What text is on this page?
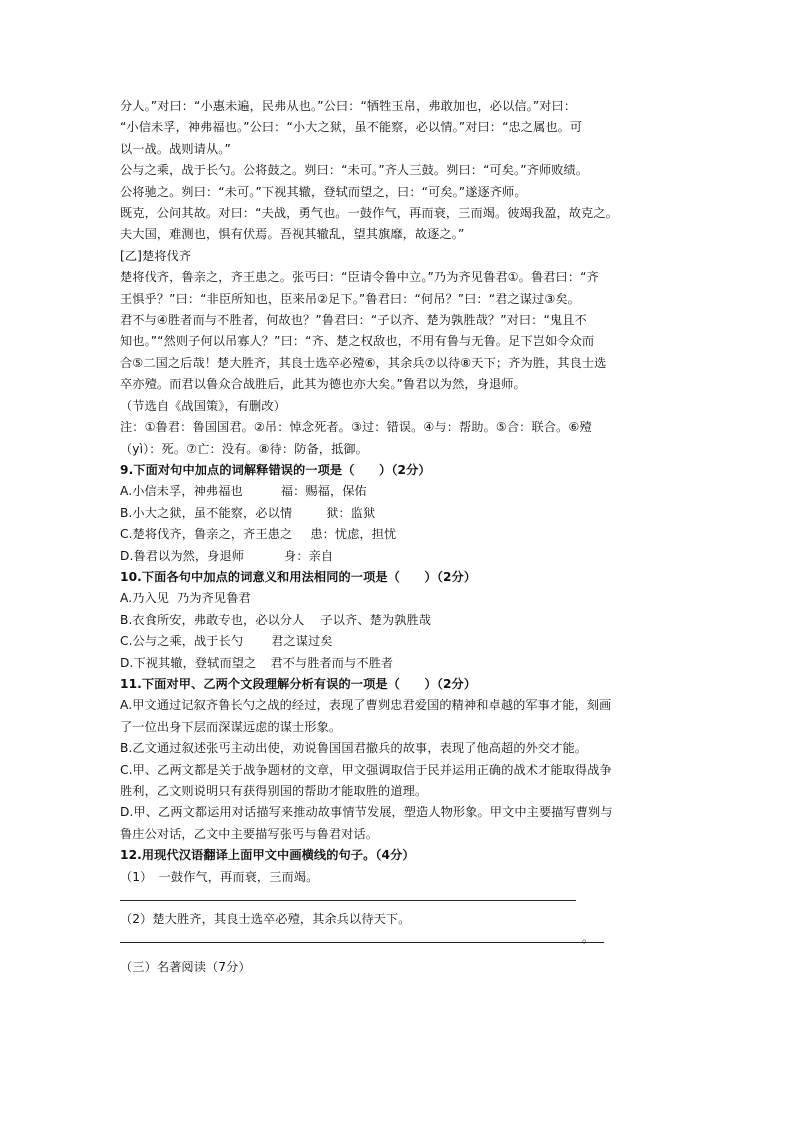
分人。”对曰：“小惠未遍，民弗从也。”公曰：“牺牲玉帛，弗敢加也，必以信。”对曰：
“小信未孚，神弗福也。”公曰：“小大之狱，虽不能察，必以情。”对曰：“忠之属也。可
以一战。战则请从。”
公与之乘，战于长勺。公将鼓之。刿曰：“未可。”齐人三鼓。刿曰：“可矣。”齐师败绩。
公将驰之。刿曰：“未可。”下视其辙，登轼而望之，曰：“可矣。”遂逐齐师。
既克，公问其故。对曰：“夫战，勇气也。一鼓作气，再而衰，三而竭。彼竭我盈，故克之。
夫大国，难测也，惧有伏焉。吾视其辙乱，望其旗靡，故逐之。”
[乙]楚将伐齐
楚将伐齐，鲁亲之，齐王患之。张丐曰：“臣请令鲁中立。”乃为齐见鲁君①。鲁君曰：“齐
王惧乎？”曰：“非臣所知也，臣来吊②足下。”鲁君曰：“何吊？”曰：“君之谋过③矣。
君不与④胜者而与不胜者，何故也？”鲁君曰：“子以齐、楚为孰胜哉？”对曰：“鬼且不
知也。”“然则子何以吊寡人？”曰：“齐、楚之权敌也，不用有鲁与无鲁。足下岂如令众而
合⑤二国之后哉！楚大胜齐，其良士选卒必殪⑥，其余兵⑦以待⑧天下；齐为胜，其良士选
卒亦殪。而君以鲁众合战胜后，此其为德也亦大矣。”鲁君以为然，身退师。
（节选自《战国策》，有删改）
注：①鲁君：鲁国国君。②吊：悼念死者。③过：错误。④与：帮助。⑤合：联合。⑥殪
（yì）：死。⑦亡：没有。⑧待：防备，抵御。
9.下面对句中加点的词解释错误的一项是（　　）（2分）
A.小信未孚，神弗福也	福：赐福，保佑
B.小大之狱，虽不能察，必以情	狱：监狱
C.楚将伐齐，鲁亲之，齐王患之 患：忧虑，担忧
D.鲁君以为然，身退师	身：亲自
10.下面各句中加点的词意义和用法相同的一项是（　　）（2分）
A.乃入见 乃为齐见鲁君
B.衣食所安，弗敢专也，必以分人 子以齐、楚为孰胜哉
C.公与之乘，战于长勺 君之谋过矣
D.下视其辙，登轼而望之 君不与胜者而与不胜者
11.下面对甲、乙两个文段理解分析有误的一项是（　　）（2分）
A.甲文通过记叙齐鲁长勺之战的经过，表现了曹刿忠君爱国的精神和卓越的军事才能，刻画
了一位出身下层而深谋远虑的谋士形象。
B.乙文通过叙述张丐主动出使，劝说鲁国国君撤兵的故事，表现了他高超的外交才能。
C.甲、乙两文都是关于战争题材的文章，甲文强调取信于民并运用正确的战术才能取得战争
胜利，乙文则说明只有获得别国的帮助才能取胜的道理。
D.甲、乙两文都运用对话描写来推动故事情节发展，塑造人物形象。甲文中主要描写曹刿与
鲁庄公对话，乙文中主要描写张丐与鲁君对话。
12.用现代汉语翻译上面甲文中画横线的句子。（4分）
（1）　一鼓作气，再而衰，三而竭。
（2）楚大胜齐，其良士选卒必殪，其余兵以待天下。
。
（三）名著阅读（7分）
